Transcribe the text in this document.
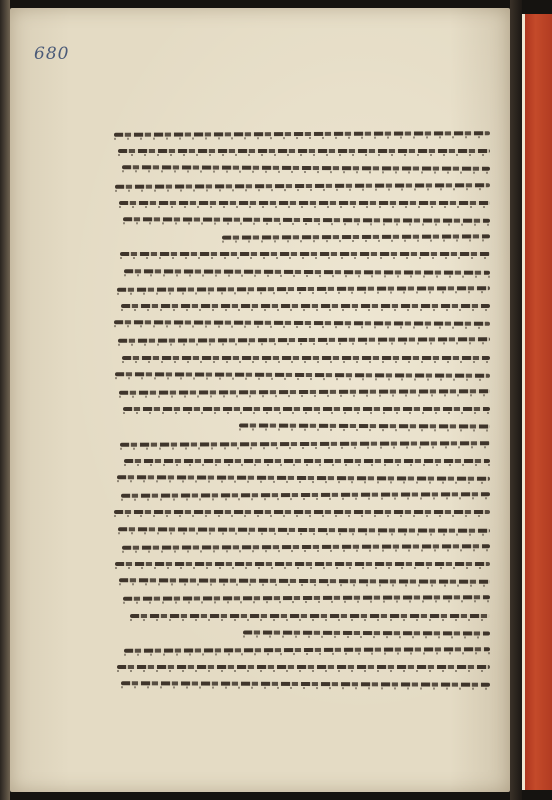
680
